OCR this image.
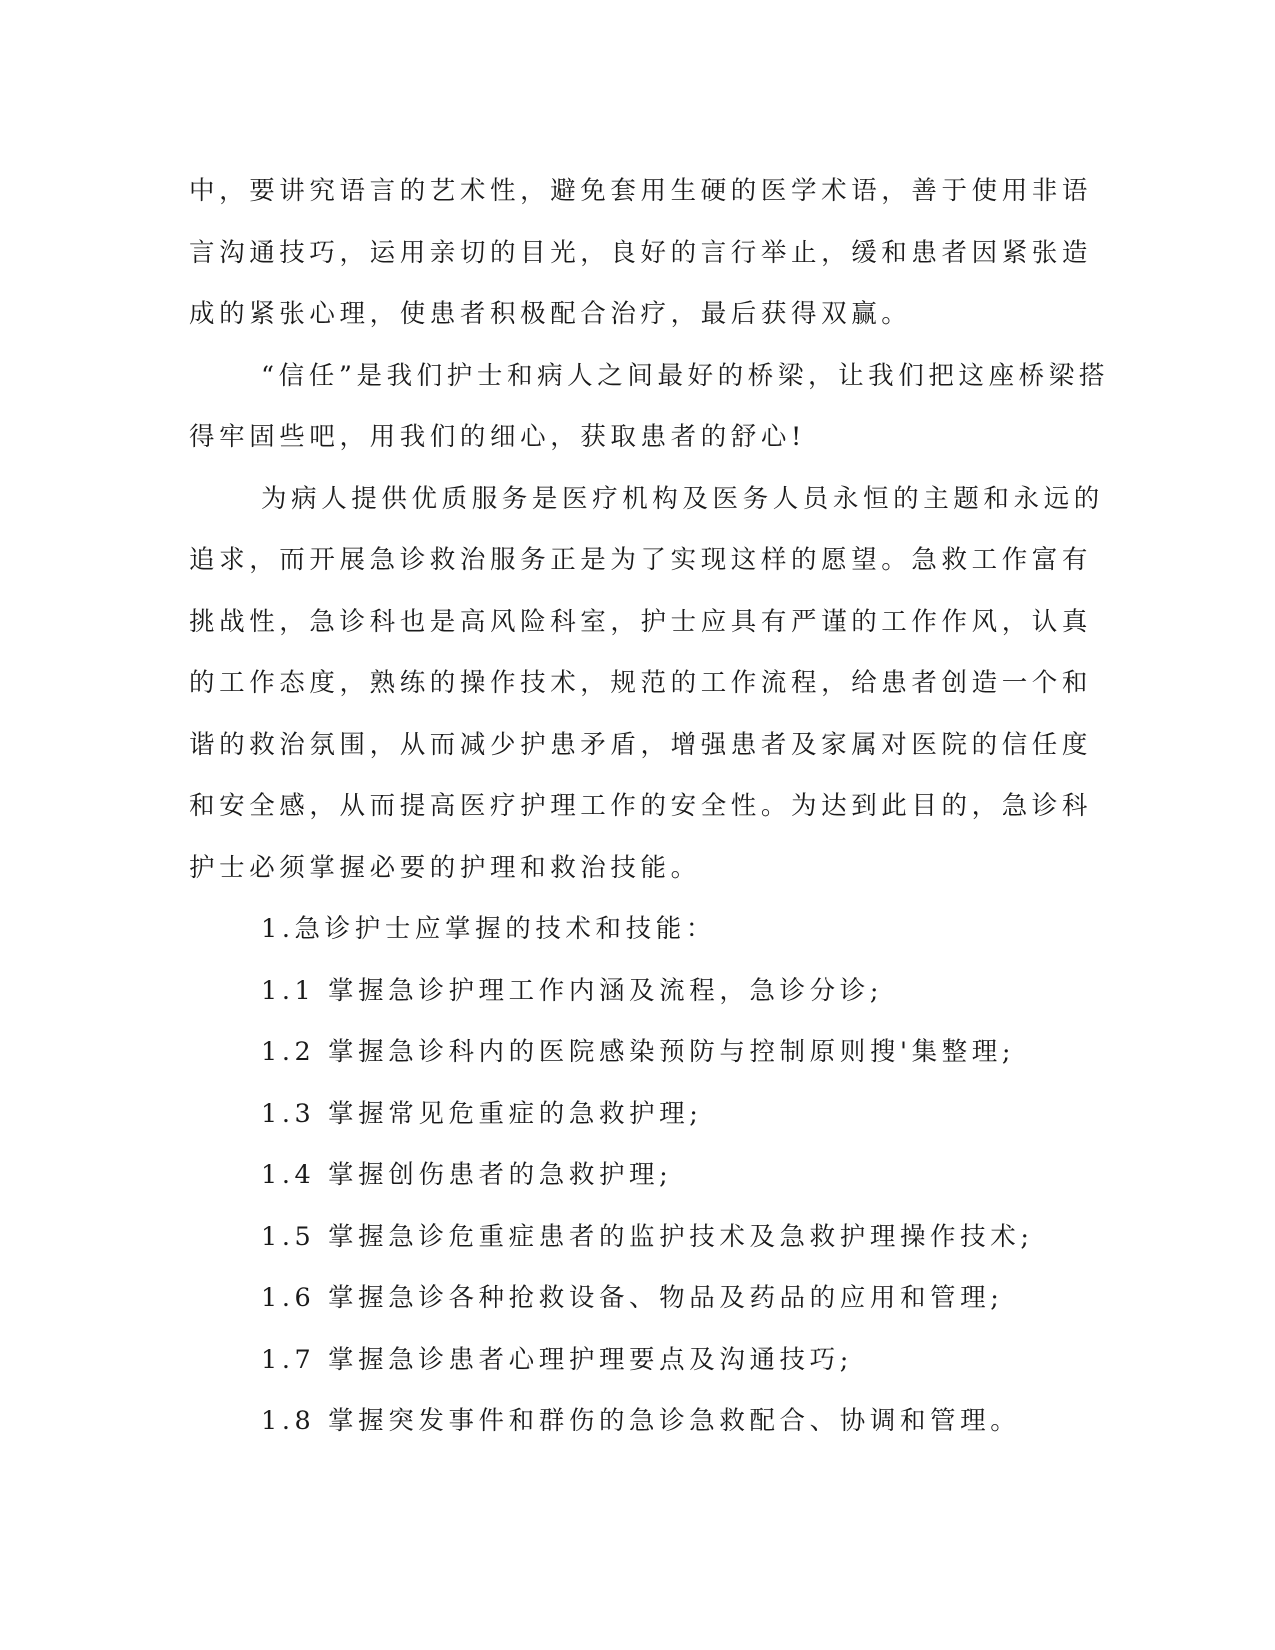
中，要讲究语言的艺术性，避免套用生硬的医学术语，善于使用非语

言沟通技巧，运用亲切的目光，良好的言行举止，缓和患者因紧张造

成的紧张心理，使患者积极配合治疗，最后获得双赢。

“信任”是我们护士和病人之间最好的桥梁，让我们把这座桥梁搭

得牢固些吧，用我们的细心，获取患者的舒心!

为病人提供优质服务是医疗机构及医务人员永恒的主题和永远的

追求，而开展急诊救治服务正是为了实现这样的愿望。急救工作富有

挑战性，急诊科也是高风险科室，护士应具有严谨的工作作风，认真

的工作态度，熟练的操作技术，规范的工作流程，给患者创造一个和

谐的救治氛围，从而减少护患矛盾，增强患者及家属对医院的信任度

和安全感，从而提高医疗护理工作的安全性。为达到此目的，急诊科

护士必须掌握必要的护理和救治技能。

1.急诊护士应掌握的技术和技能：

1.1 掌握急诊护理工作内涵及流程，急诊分诊;

1.2 掌握急诊科内的医院感染预防与控制原则搜'集整理;

1.3 掌握常见危重症的急救护理;

1.4 掌握创伤患者的急救护理;

1.5 掌握急诊危重症患者的监护技术及急救护理操作技术;

1.6 掌握急诊各种抢救设备、物品及药品的应用和管理;

1.7 掌握急诊患者心理护理要点及沟通技巧;

1.8 掌握突发事件和群伤的急诊急救配合、协调和管理。
